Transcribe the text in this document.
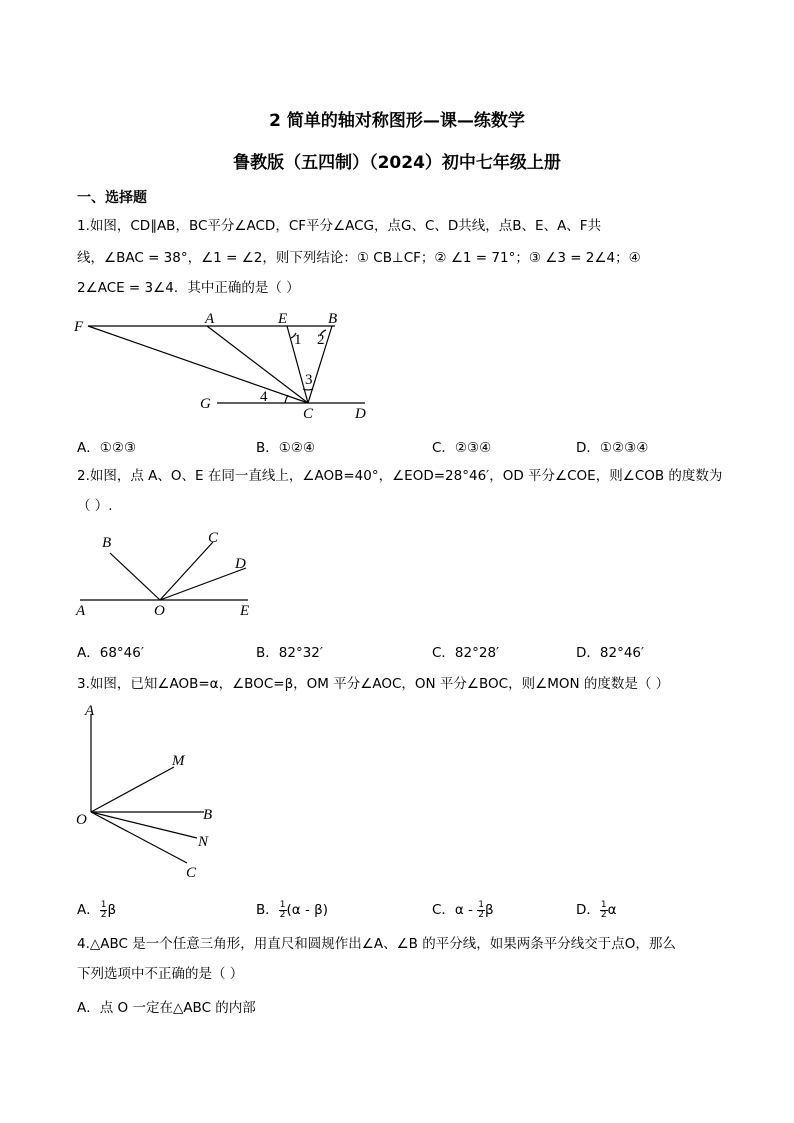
2 简单的轴对称图形—课—练数学
鲁教版（五四制）（2024）初中七年级上册
一、选择题
1.如图，CD∥AB，BC平分∠ACD，CF平分∠ACG，点G、C、D共线，点B、E、A、F共
线，∠BAC = 38°，∠1 = ∠2，则下列结论：① CB⊥CF；② ∠1 = 71°；③ ∠3 = 2∠4；④
2∠ACE = 3∠4．其中正确的是（ ）
F	A	E	B
1 2
3
4
G
C	D
A．①②③	B．①②④	C．②③④	D．①②③④
2.如图，点 A、O、E 在同一直线上，∠AOB=40°，∠EOD=28°46′，OD 平分∠COE，则∠COB 的度数为
（ ）.
B	C
D
A	O	E
A．68°46′	B．82°32′	C．82°28′	D．82°46′
3.如图，已知∠AOB=α，∠BOC=β，OM 平分∠AOC，ON 平分∠BOC，则∠MON 的度数是（ ）
A
M
B
O
N
C
A． $\frac{1}{2}$ β	B． $\frac{1}{2} (\alpha - \beta)$	C．α - $\frac{1}{2}$ β	D． $\frac{1}{2}$ α
4.△ABC 是一个任意三角形，用直尺和圆规作出∠A、∠B 的平分线，如果两条平分线交于点O，那么
下列选项中不正确的是（ ）
A．点 O 一定在△ABC 的内部
